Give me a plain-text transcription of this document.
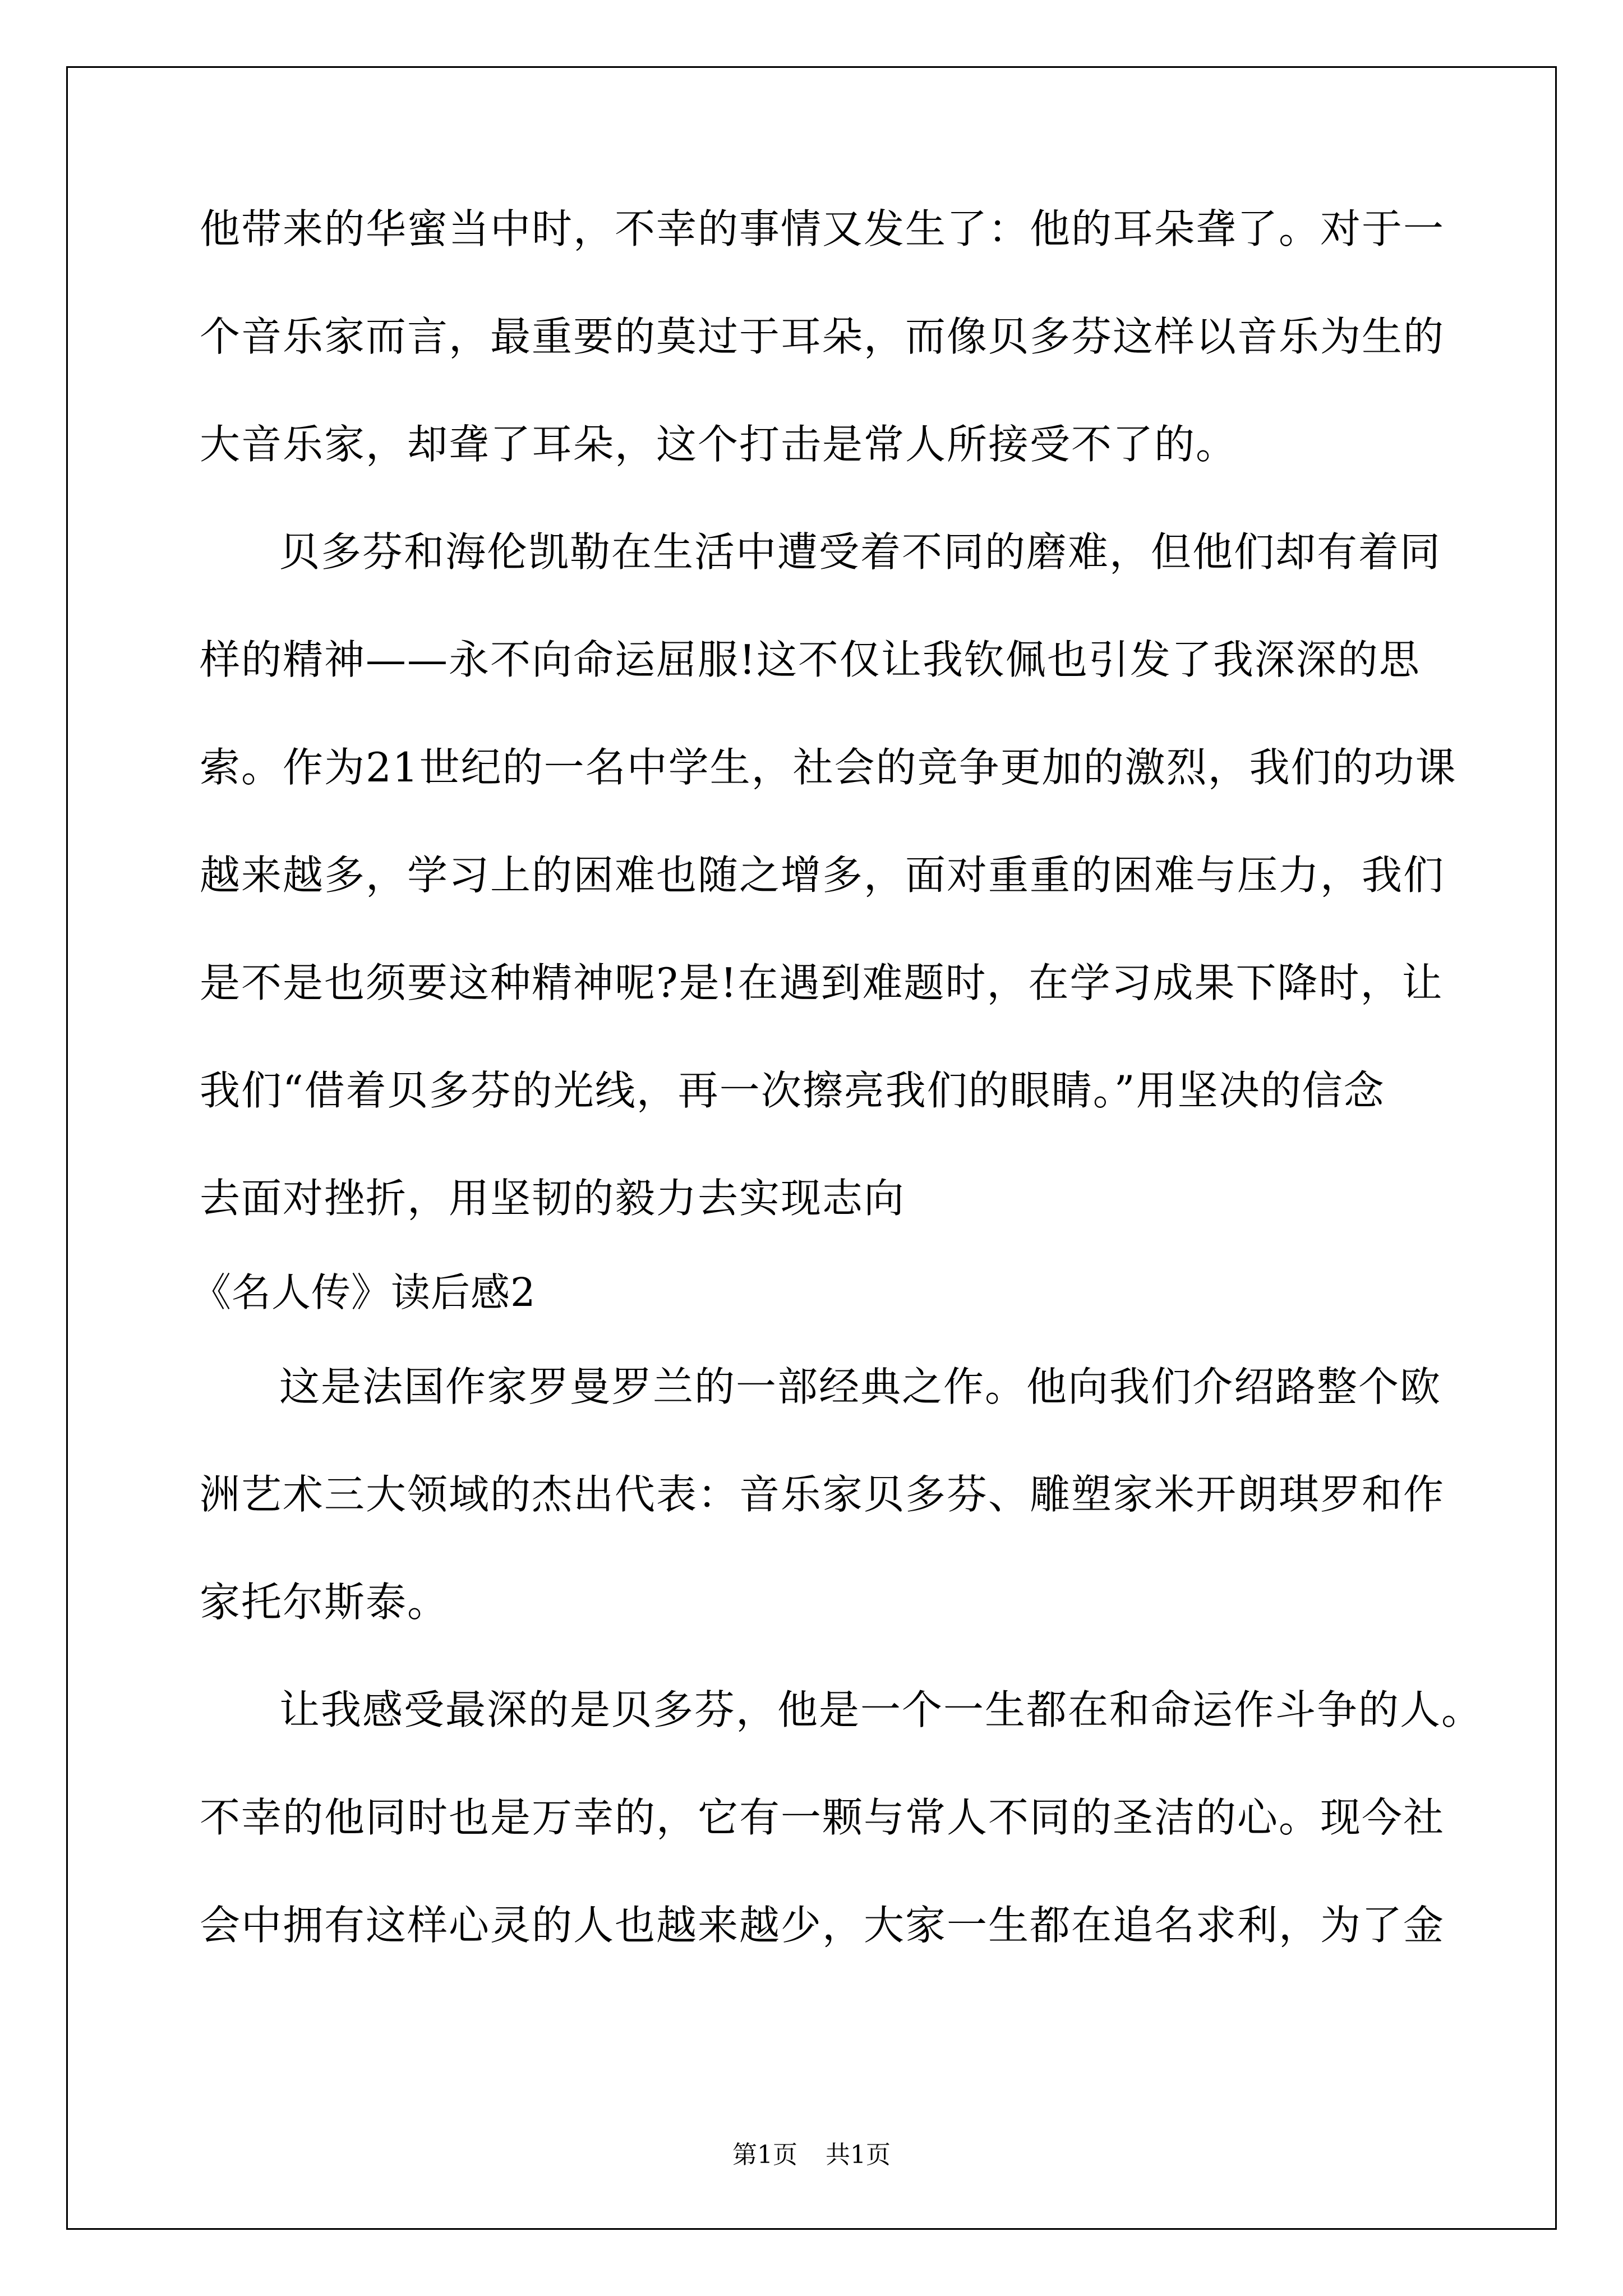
他带来的华蜜当中时，不幸的事情又发生了：他的耳朵聋了。对于一
个音乐家而言，最重要的莫过于耳朵，而像贝多芬这样以音乐为生的
大音乐家，却聋了耳朵，这个打击是常人所接受不了的。
贝多芬和海伦凯勒在生活中遭受着不同的磨难，但他们却有着同
样的精神——永不向命运屈服!这不仅让我钦佩也引发了我深深的思
索。作为21世纪的一名中学生，社会的竞争更加的激烈，我们的功课
越来越多，学习上的困难也随之增多，面对重重的困难与压力，我们
是不是也须要这种精神呢?是!在遇到难题时，在学习成果下降时，让
我们“借着贝多芬的光线，再一次擦亮我们的眼睛。”用坚决的信念
去面对挫折，用坚韧的毅力去实现志向
《名人传》读后感2
这是法国作家罗曼罗兰的一部经典之作。他向我们介绍路整个欧
洲艺术三大领域的杰出代表：音乐家贝多芬、雕塑家米开朗琪罗和作
家托尔斯泰。
让我感受最深的是贝多芬，他是一个一生都在和命运作斗争的人。
不幸的他同时也是万幸的，它有一颗与常人不同的圣洁的心。现今社
会中拥有这样心灵的人也越来越少，大家一生都在追名求利，为了金
第1页 共1页
